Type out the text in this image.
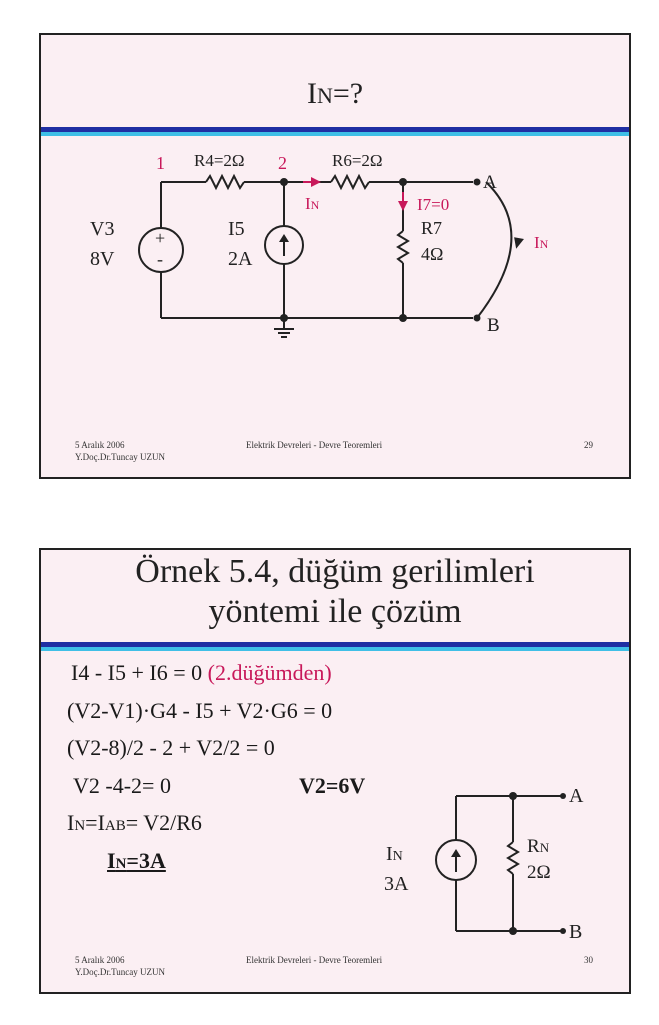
IN=?
1 R4=2Ω 2	R6=2Ω
IN
V3
8V
+
-
I5
2A
I7=0
R7
4Ω
A
B
IN
5 Aralık 2006
Y.Doç.Dr.Tuncay UZUN
Elektrik Devreleri - Devre Teoremleri	29
Örnek 5.4, düğüm gerilimleri
yöntemi ile çözüm
I4 - I5 + I6 = 0 (2.düğümden)
(V2-V1)·G4 - I5 + V2·G6 = 0
(V2-8)/2 - 2 + V2/2 = 0
V2 -4-2= 0	V2=6V
IN=IAB= V2/R6
IN=3A	IN
3A
RN
2Ω
A
B
5 Aralık 2006
Y.Doç.Dr.Tuncay UZUN
Elektrik Devreleri - Devre Teoremleri	30
